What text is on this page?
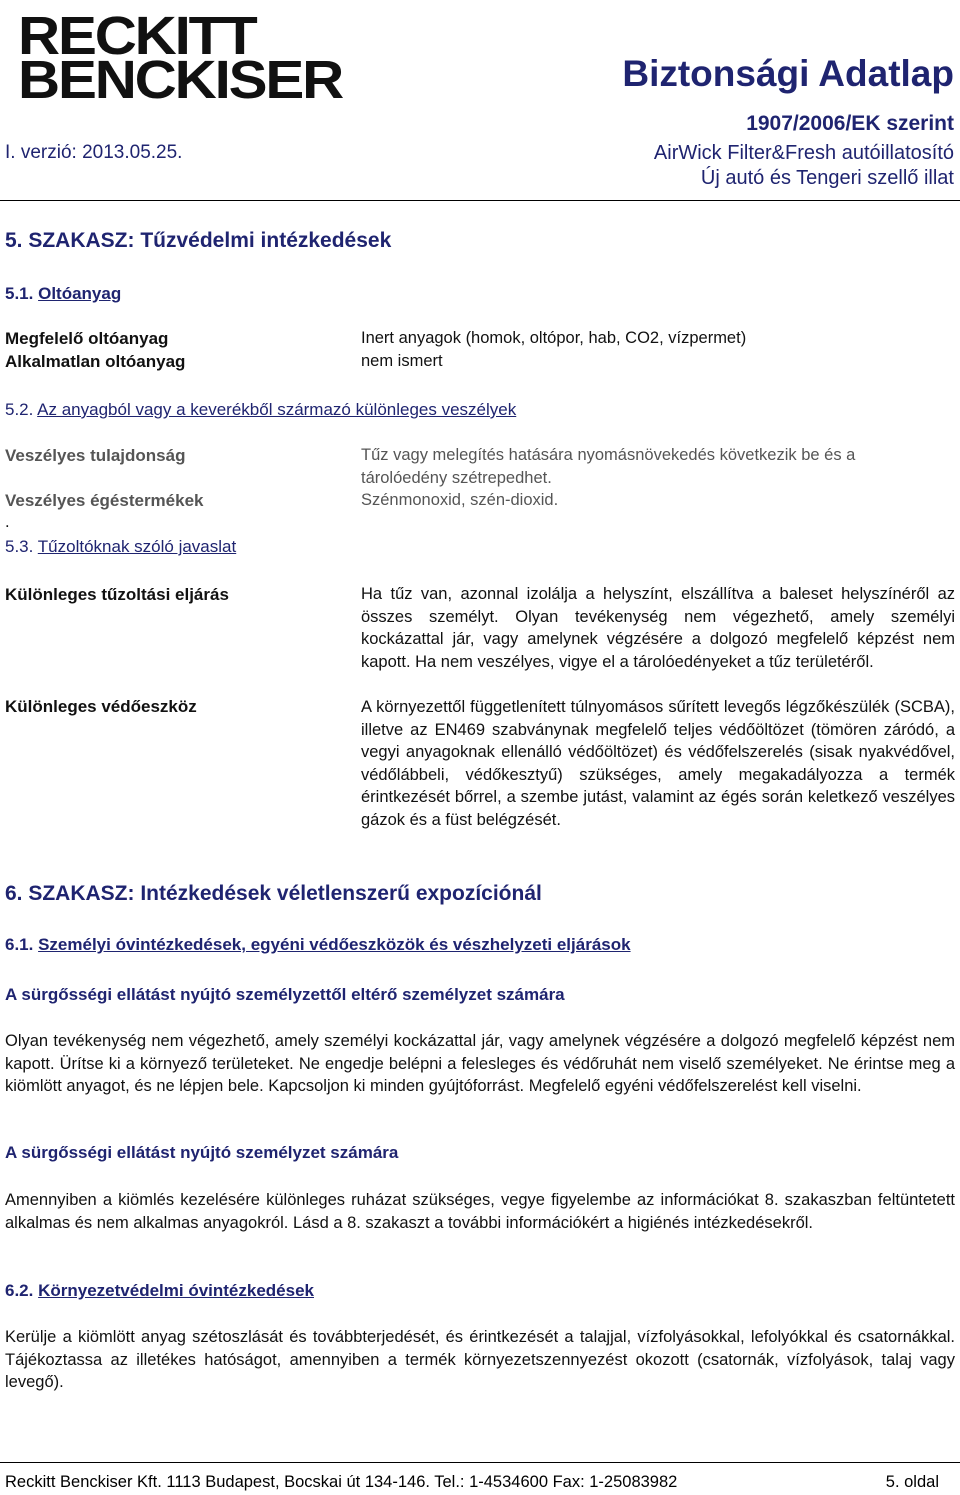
RECKITT
BENCKISER	Biztonsági Adatlap
1907/2006/EK szerint
I. verzió: 2013.05.25.	AirWick Filter&Fresh autóillatosító
Új autó és Tengeri szellő illat
5. SZAKASZ: Tűzvédelmi intézkedések
5.1. Oltóanyag
Megfelelő oltóanyag	Inert anyagok (homok, oltópor, hab, CO2, vízpermet)
Alkalmatlan oltóanyag	nem ismert
5.2. Az anyagból vagy a keverékből származó különleges veszélyek
Veszélyes tulajdonság	Tűz vagy melegítés hatására nyomásnövekedés következik be és a
tárolóedény szétrepedhet.
Veszélyes égéstermékek	Szénmonoxid, szén-dioxid.
.
5.3. Tűzoltóknak szóló javaslat
Különleges tűzoltási eljárás	Ha tűz van, azonnal izolálja a helyszínt, elszállítva a baleset helyszínéről az összes személyt. Olyan tevékenység nem végezhető, amely személyi kockázattal jár, vagy amelynek végzésére a dolgozó megfelelő képzést nem kapott. Ha nem veszélyes, vigye el a tárolóedényeket a tűz területéről.
Különleges védőeszköz	A környezettől függetlenített túlnyomásos sűrített levegős légzőkészülék (SCBA), illetve az EN469 szabványnak megfelelő teljes védőöltözet (tömören záródó, a vegyi anyagoknak ellenálló védőöltözet) és védőfelszerelés (sisak nyakvédővel, védőlábbeli, védőkesztyű) szükséges, amely megakadályozza a termék érintkezését bőrrel, a szembe jutást, valamint az égés során keletkező veszélyes gázok és a füst belégzését.
6. SZAKASZ: Intézkedések véletlenszerű expozíciónál
6.1. Személyi óvintézkedések, egyéni védőeszközök és vészhelyzeti eljárások
A sürgősségi ellátást nyújtó személyzettől eltérő személyzet számára
Olyan tevékenység nem végezhető, amely személyi kockázattal jár, vagy amelynek végzésére a dolgozó megfelelő képzést nem kapott. Ürítse ki a környező területeket. Ne engedje belépni a felesleges és védőruhát nem viselő személyeket. Ne érintse meg a kiömlött anyagot, és ne lépjen bele. Kapcsoljon ki minden gyújtóforrást. Megfelelő egyéni védőfelszerelést kell viselni.
A sürgősségi ellátást nyújtó személyzet számára
Amennyiben a kiömlés kezelésére különleges ruházat szükséges, vegye figyelembe az információkat 8. szakaszban feltüntetett alkalmas és nem alkalmas anyagokról. Lásd a 8. szakaszt a további információkért a higiénés intézkedésekről.
6.2. Környezetvédelmi óvintézkedések
Kerülje a kiömlött anyag szétoszlását és továbbterjedését, és érintkezését a talajjal, vízfolyásokkal, lefolyókkal és csatornákkal. Tájékoztassa az illetékes hatóságot, amennyiben a termék környezetszennyezést okozott (csatornák, vízfolyások, talaj vagy levegő).
Reckitt Benckiser Kft. 1113 Budapest, Bocskai út 134-146. Tel.: 1-4534600 Fax: 1-25083982	5. oldal
